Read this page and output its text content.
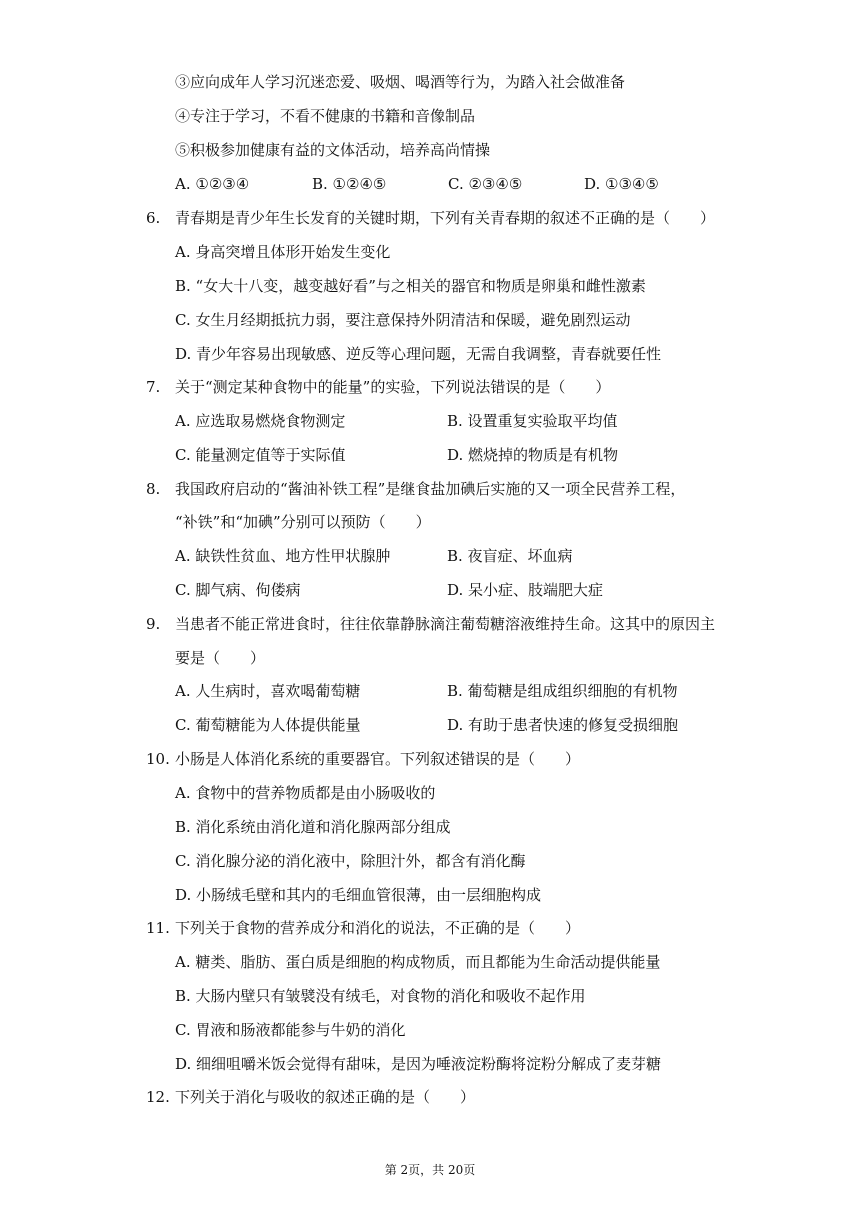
③应向成年人学习沉迷恋爱、吸烟、喝酒等行为，为踏入社会做准备
④专注于学习，不看不健康的书籍和音像制品
⑤积极参加健康有益的文体活动，培养高尚情操
A. ①②③④	B. ①②④⑤	C. ②③④⑤	D. ①③④⑤
6. 青春期是青少年生长发育的关键时期，下列有关青春期的叙述不正确的是（　　）
A. 身高突增且体形开始发生变化
B. “女大十八变，越变越好看”与之相关的器官和物质是卵巢和雌性激素
C. 女生月经期抵抗力弱，要注意保持外阴清洁和保暖，避免剧烈运动
D. 青少年容易出现敏感、逆反等心理问题，无需自我调整，青春就要任性
7. 关于“测定某种食物中的能量”的实验，下列说法错误的是（　　）
A. 应选取易燃烧食物测定	B. 设置重复实验取平均值
C. 能量测定值等于实际值	D. 燃烧掉的物质是有机物
8. 我国政府启动的“酱油补铁工程”是继食盐加碘后实施的又一项全民营养工程，
“补铁”和“加碘”分别可以预防（　　）
A. 缺铁性贫血、地方性甲状腺肿	B. 夜盲症、坏血病
C. 脚气病、佝偻病	D. 呆小症、肢端肥大症
9. 当患者不能正常进食时，往往依靠静脉滴注葡萄糖溶液维持生命。这其中的原因主
要是（　　）
A. 人生病时，喜欢喝葡萄糖	B. 葡萄糖是组成组织细胞的有机物
C. 葡萄糖能为人体提供能量	D. 有助于患者快速的修复受损细胞
10. 小肠是人体消化系统的重要器官。下列叙述错误的是（　　）
A. 食物中的营养物质都是由小肠吸收的
B. 消化系统由消化道和消化腺两部分组成
C. 消化腺分泌的消化液中，除胆汁外，都含有消化酶
D. 小肠绒毛壁和其内的毛细血管很薄，由一层细胞构成
11. 下列关于食物的营养成分和消化的说法，不正确的是（　　）
A. 糖类、脂肪、蛋白质是细胞的构成物质，而且都能为生命活动提供能量
B. 大肠内壁只有皱襞没有绒毛，对食物的消化和吸收不起作用
C. 胃液和肠液都能参与牛奶的消化
D. 细细咀嚼米饭会觉得有甜味，是因为唾液淀粉酶将淀粉分解成了麦芽糖
12. 下列关于消化与吸收的叙述正确的是（　　）
第 2页，共 20页
